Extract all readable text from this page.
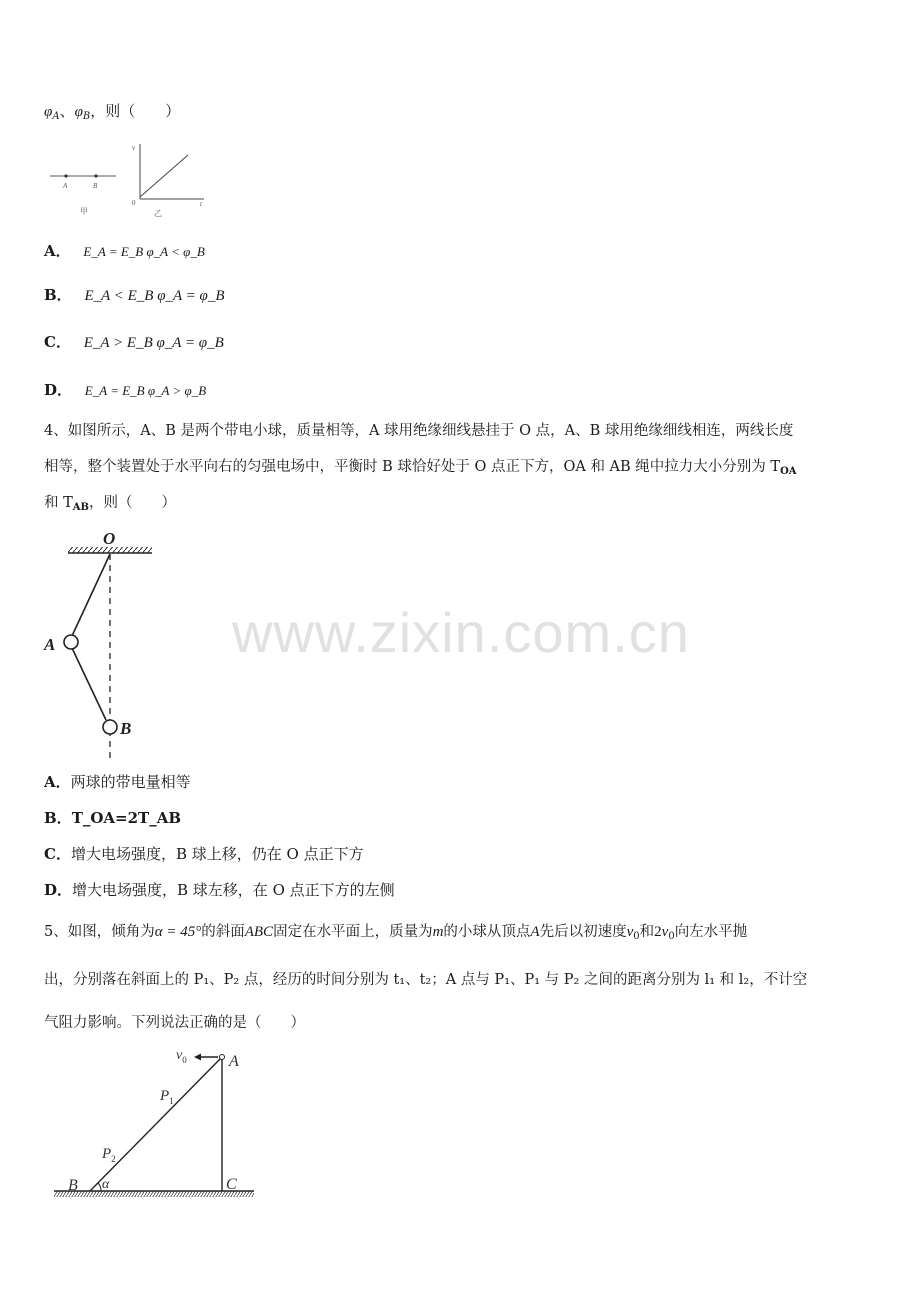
$\varphi_A$、$\varphi_B$，则（　　）
A	B
甲
v
0	t
乙
A． E_A = E_B φ_A < φ_B
B． E_A < E_B φ_A = φ_B
C． E_A > E_B φ_A = φ_B
D． E_A = E_B φ_A > φ_B
4、如图所示，A、B 是两个带电小球，质量相等，A 球用绝缘细线悬挂于 O 点，A、B 球用绝缘细线相连，两线长度
相等，整个装置处于水平向右的匀强电场中，平衡时 B 球恰好处于 O 点正下方，OA 和 AB 绳中拉力大小分别为 $T_{OA}$
和 $T_{AB}$，则（　　）
O
A
B
www.zixin.com.cn
A．两球的带电量相等
B．T_OA=2T_AB
C．增大电场强度，B 球上移，仍在 O 点正下方
D．增大电场强度，B 球左移，在 O 点正下方的左侧
5、如图，倾角为α = 45°的斜面ABC固定在水平面上，质量为m的小球从顶点A先后以初速度$v_0$和$2v_0$向左水平抛
出，分别落在斜面上的 P₁、P₂ 点，经历的时间分别为 t₁、t₂；A 点与 P₁、P₁ 与 P₂ 之间的距离分别为 l₁ 和 l₂，不计空
气阻力影响。下列说法正确的是（　　）
$v_0$	A
$P_1$
$P_2$
B α	C
